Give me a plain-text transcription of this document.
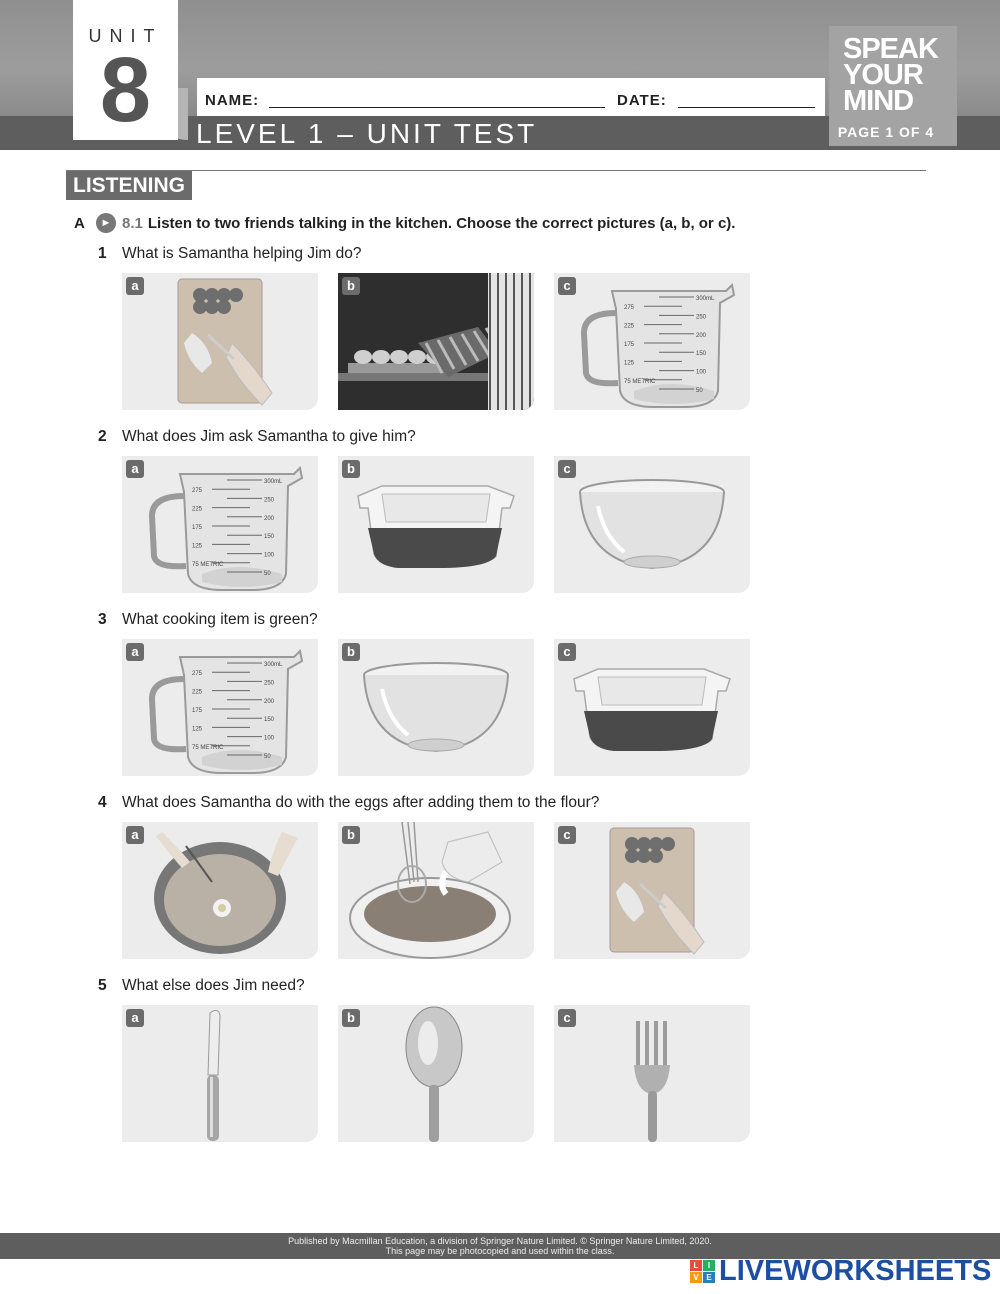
UNIT
8	NAME:	DATE:
LEVEL 1 – UNIT TEST
SPEAK
YOUR
MIND
PAGE 1 OF 4
LISTENING
A	► 8.1 Listen to two friends talking in the kitchen. Choose the correct pictures (a, b, or c).
1 What is Samantha helping Jim do?
a	b
300mL
275
250
225
200
175
150
125
100
75 METRIC
50
c
2 What does Jim ask Samantha to give him?
300mL
275
250
225
200
175
150
125
100
75 METRIC
50
a	b	c
3 What cooking item is green?
300mL
275
250
225
200
175
150
125
100
75 METRIC
50
a	b	c
4 What does Samantha do with the eggs after adding them to the flour?
a	b	c
5 What else does Jim need?
a	b	c
Published by Macmillan Education, a division of Springer Nature Limited. © Springer Nature Limited, 2020.
This page may be photocopied and used within the class.
L	I
V E LIVEWORKSHEETS
